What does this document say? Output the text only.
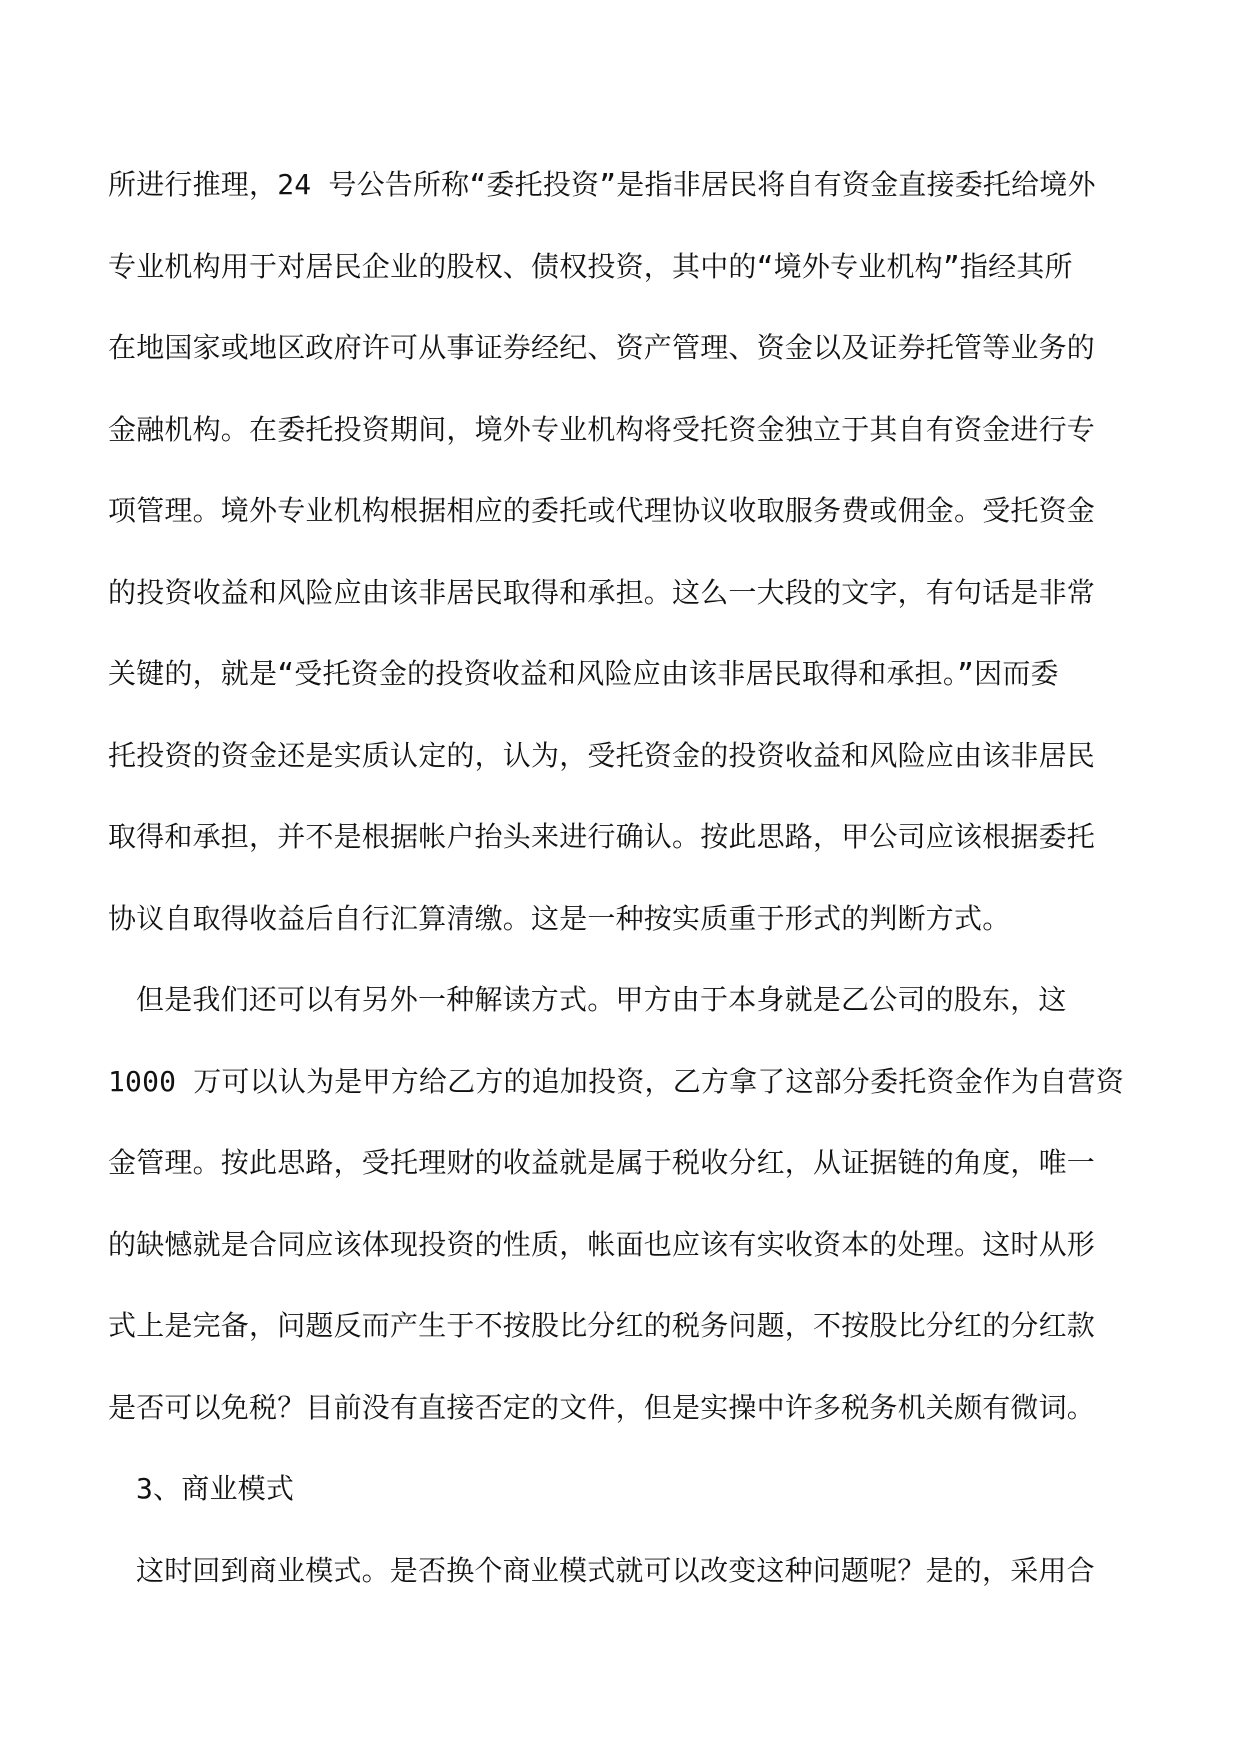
所进行推理，24 号公告所称“委托投资”是指非居民将自有资金直接委托给境外
专业机构用于对居民企业的股权、债权投资，其中的“境外专业机构”指经其所
在地国家或地区政府许可从事证券经纪、资产管理、资金以及证券托管等业务的
金融机构。在委托投资期间，境外专业机构将受托资金独立于其自有资金进行专
项管理。境外专业机构根据相应的委托或代理协议收取服务费或佣金。受托资金
的投资收益和风险应由该非居民取得和承担。这么一大段的文字，有句话是非常
关键的，就是“受托资金的投资收益和风险应由该非居民取得和承担。”因而委
托投资的资金还是实质认定的，认为，受托资金的投资收益和风险应由该非居民
取得和承担，并不是根据帐户抬头来进行确认。按此思路，甲公司应该根据委托
协议自取得收益后自行汇算清缴。这是一种按实质重于形式的判断方式。
但是我们还可以有另外一种解读方式。甲方由于本身就是乙公司的股东，这
1000 万可以认为是甲方给乙方的追加投资，乙方拿了这部分委托资金作为自营资
金管理。按此思路，受托理财的收益就是属于税收分红，从证据链的角度，唯一
的缺憾就是合同应该体现投资的性质，帐面也应该有实收资本的处理。这时从形
式上是完备，问题反而产生于不按股比分红的税务问题，不按股比分红的分红款
是否可以免税？目前没有直接否定的文件，但是实操中许多税务机关颇有微词。
3、商业模式
这时回到商业模式。是否换个商业模式就可以改变这种问题呢？是的，采用合
